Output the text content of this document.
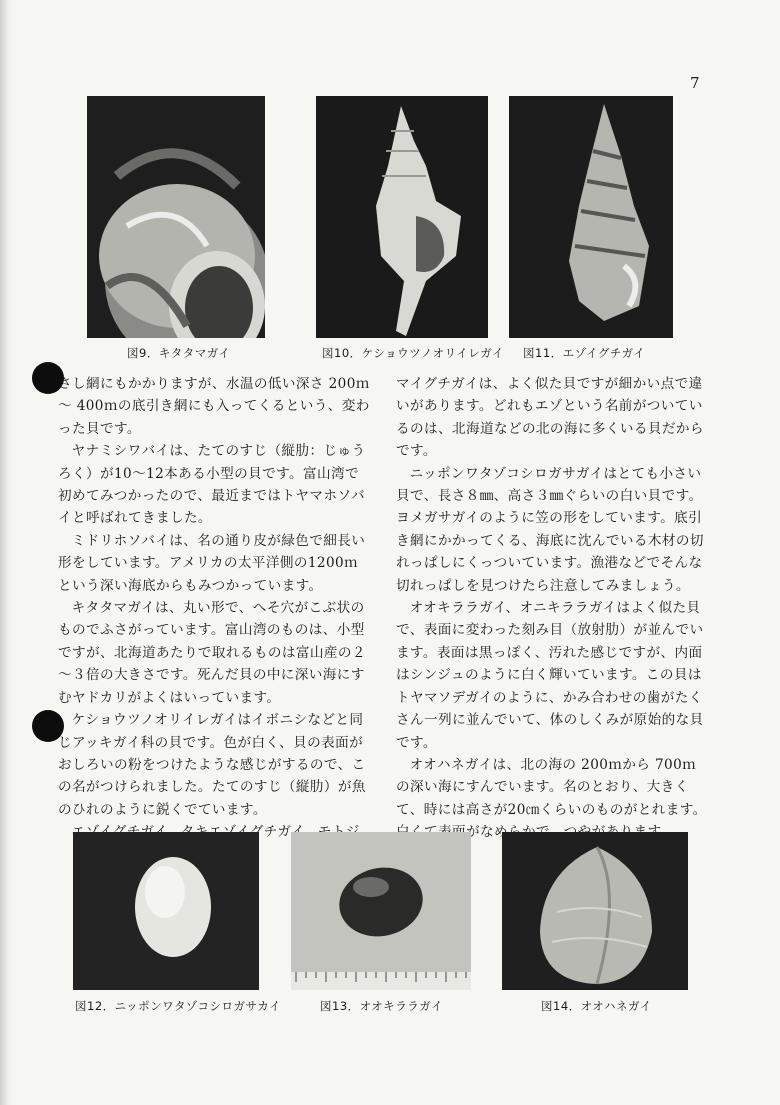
7
図9．キタタマガイ	図10．ケショウツノオリイレガイ 図11．エゾイグチガイ

さし網にもかかりますが、水温の低い深さ 200ｍ～ 400ｍの底引き網にも入ってくるという、変わった貝です。

ヤナミシワバイは、たてのすじ（縦肋：じゅうろく）が10～12本ある小型の貝です。富山湾で初めてみつかったので、最近まではトヤマホソバイと呼ばれてきました。

ミドリホソバイは、名の通り皮が緑色で細長い形をしています。アメリカの太平洋側の1200ｍという深い海底からもみつかっています。

キタタマガイは、丸い形で、へそ穴がこぶ状のものでふさがっています。富山湾のものは、小型ですが、北海道あたりで取れるものは富山産の２～３倍の大きさです。死んだ貝の中に深い海にすむヤドカリがよくはいっています。

ケショウツノオリイレガイはイボニシなどと同じアッキガイ科の貝です。色が白く、貝の表面がおしろいの粉をつけたような感じがするので、この名がつけられました。たてのすじ（縦肋）が魚のひれのように鋭くでています。

マイグチガイは、よく似た貝ですが細かい点で違いがあります。どれもエゾという名前がついているのは、北海道などの北の海に多くいる貝だからです。

ニッポンワタゾコシロガサガイはとても小さい貝で、長さ８㎜、高さ３㎜ぐらいの白い貝です。ヨメガサガイのように笠の形をしています。底引き網にかかってくる、海底に沈んでいる木材の切れっぱしにくっついています。漁港などでそんな切れっぱしを見つけたら注意してみましょう。

オオキララガイ、オニキララガイはよく似た貝で、表面に変わった刻み目（放射肋）が並んでいます。表面は黒っぽく、汚れた感じですが、内面はシンジュのように白く輝いています。この貝はトヤマソデガイのように、かみ合わせの歯がたくさん一列に並んでいて、体のしくみが原始的な貝です。

オオハネガイは、北の海の 200ｍから 700ｍの深い海にすんでいます。名のとおり、大きくて、時には高さが20㎝くらいのものがとれます。 表面がなめらかで

図12．ニッポンワタゾコシロガサカイ	図13．オオキララガイ	図14．オオハネガイ
